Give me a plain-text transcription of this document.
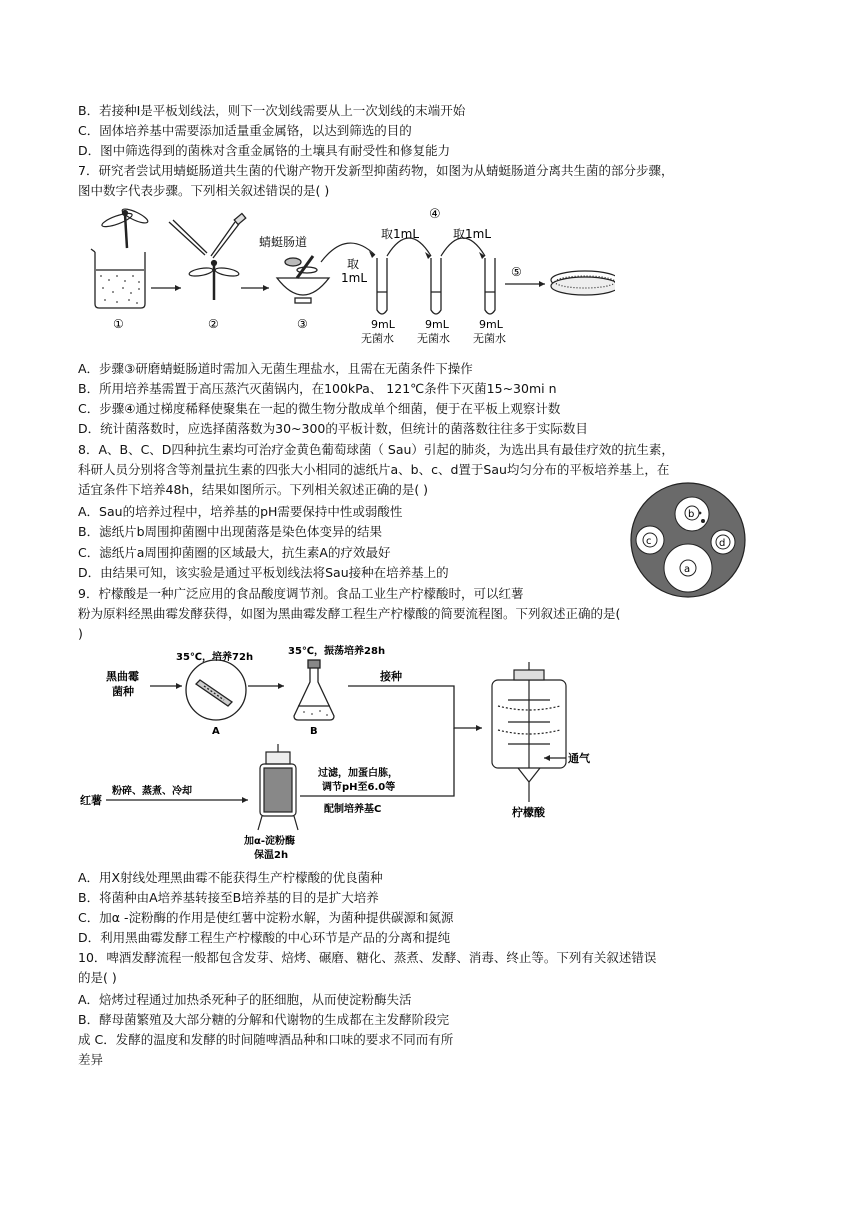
B．若接种I是平板划线法，则下一次划线需要从上一次划线的末端开始
C．固体培养基中需要添加适量重金属铬，以达到筛选的目的
D．图中筛选得到的菌株对含重金属铬的土壤具有耐受性和修复能力
7．研究者尝试用蜻蜓肠道共生菌的代谢产物开发新型抑菌药物，如图为从蜻蜓肠道分离共生菌的部分步骤，
图中数字代表步骤。下列相关叙述错误的是( )
①	②
蜻蜓肠道
③
取
1mL
取1mL	取1mL
④
9mL	9mL	9mL
无菌水 无菌水 无菌水
⑤
A．步骤③研磨蜻蜓肠道时需加入无菌生理盐水，且需在无菌条件下操作
B．所用培养基需置于高压蒸汽灭菌锅内，在100kPa、 121℃条件下灭菌15~30mi n
C．步骤④通过梯度稀释使聚集在一起的微生物分散成单个细菌，便于在平板上观察计数
D．统计菌落数时，应选择菌落数为30~300的平板计数，但统计的菌落数往往多于实际数目
8．A、B、C、D四种抗生素均可治疗金黄色葡萄球菌（ Sau）引起的肺炎，为选出具有最佳疗效的抗生素，
科研人员分别将含等剂量抗生素的四张大小相同的滤纸片a、b、c、d置于Sau均匀分布的平板培养基上，在
适宜条件下培养48h，结果如图所示。下列相关叙述正确的是( )
A．Sau的培养过程中，培养基的pH需要保持中性或弱酸性
B．滤纸片b周围抑菌圈中出现菌落是染色体变异的结果
C．滤纸片a周围抑菌圈的区域最大，抗生素A的疗效最好
D．由结果可知，该实验是通过平板划线法将Sau接种在培养基上的
b
c	d
a
9．柠檬酸是一种广泛应用的食品酸度调节剂。食品工业生产柠檬酸时，可以红薯
粉为原料经黑曲霉发酵获得，如图为黑曲霉发酵工程生产柠檬酸的简要流程图。下列叙述正确的是(
)
黑曲霉
菌种
35℃，培养72h
A
35℃，振荡培养28h
B
接种
通气
柠檬酸
红薯
粉碎、蒸煮、冷却
加α-淀粉酶
保温2h
过滤，加蛋白胨，
调节pH至6.0等
配制培养基C
A．用X射线处理黑曲霉不能获得生产柠檬酸的优良菌种
B．将菌种由A培养基转接至B培养基的目的是扩大培养
C．加α -淀粉酶的作用是使红薯中淀粉水解，为菌种提供碳源和氮源
D．利用黑曲霉发酵工程生产柠檬酸的中心环节是产品的分离和提纯
10．啤酒发酵流程一般都包含发芽、焙烤、碾磨、糖化、蒸煮、发酵、消毒、终止等。下列有关叙述错误
的是( )
A．焙烤过程通过加热杀死种子的胚细胞，从而使淀粉酶失活
B．酵母菌繁殖及大部分糖的分解和代谢物的生成都在主发酵阶段完
成 C．发酵的温度和发酵的时间随啤酒品种和口味的要求不同而有所
差异
